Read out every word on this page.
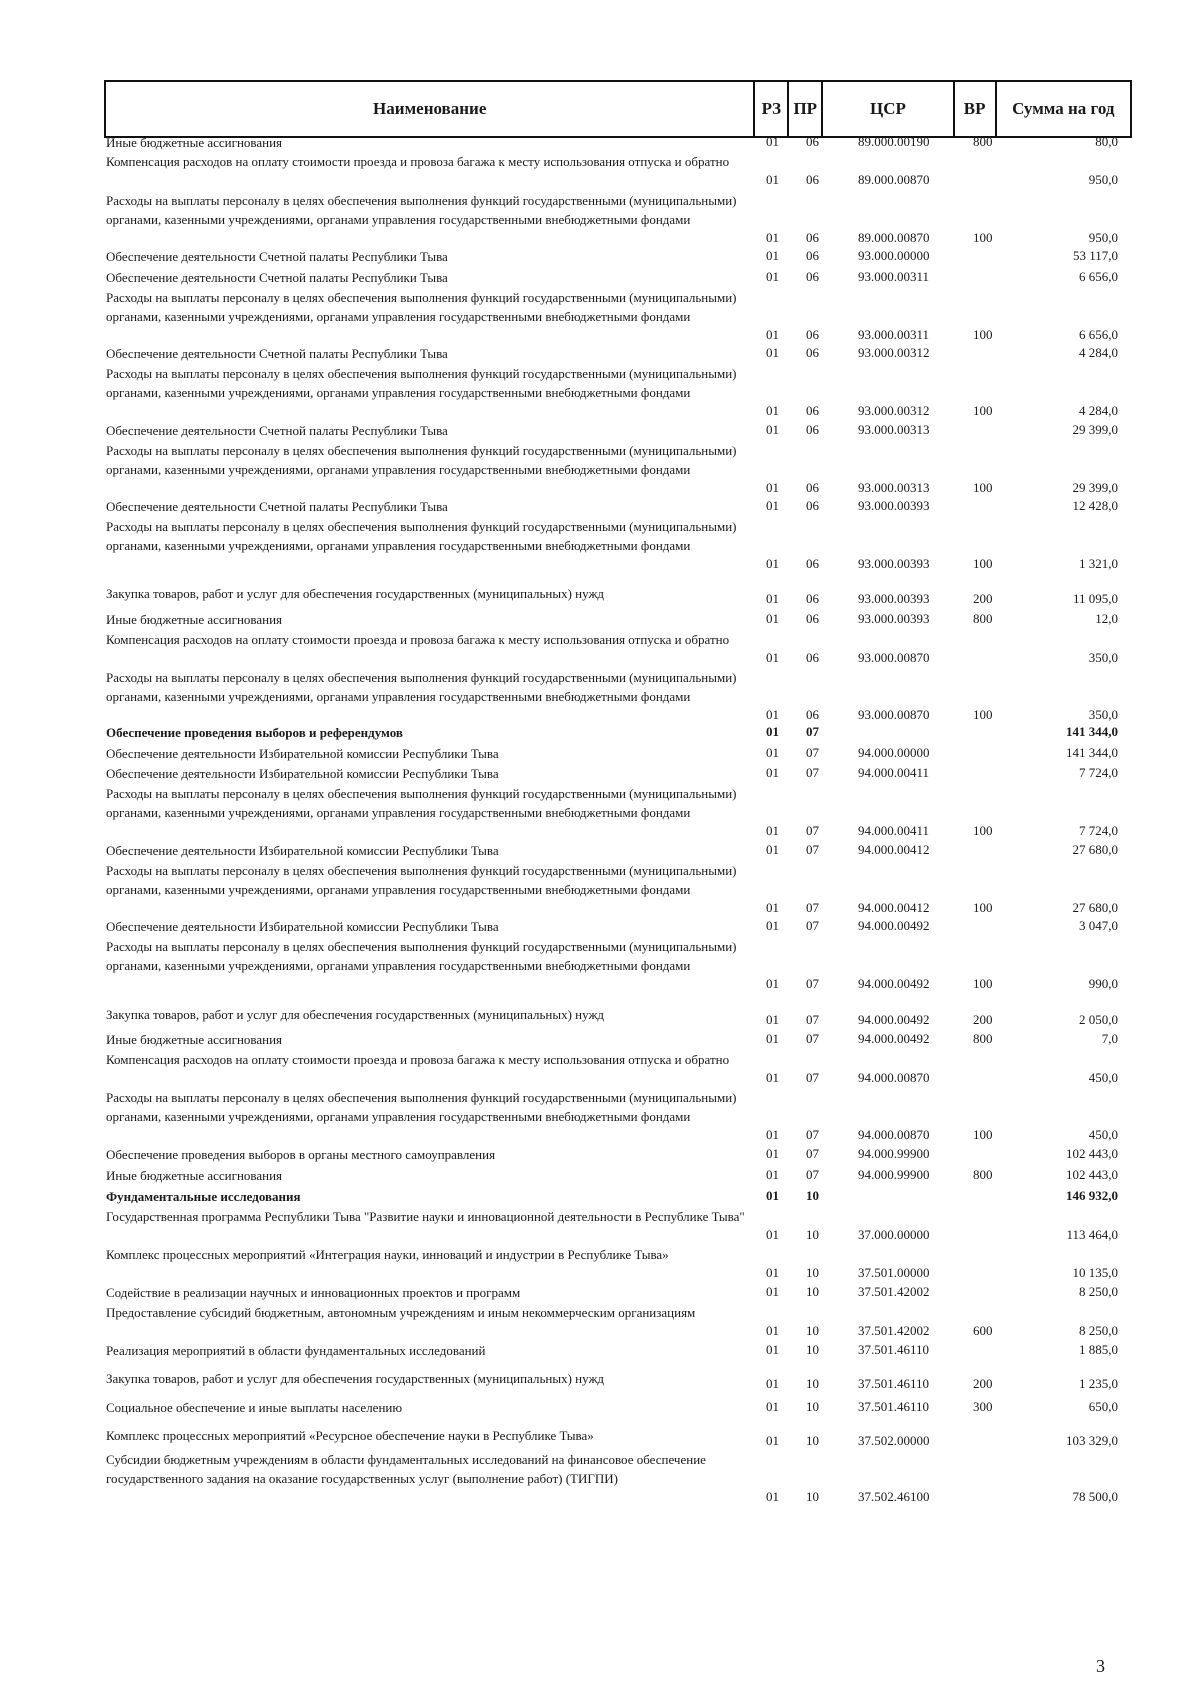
Наименование	РЗ ПР	ЦСР	ВР	Сумма на год
Иные бюджетные ассигнования	01 06	89.000.00190	800	80,0
Компенсация расходов на оплату стоимости проезда и провоза багажа к месту использования отпуска и обратно
01 06	89.000.00870	950,0
Расходы на выплаты персоналу в целях обеспечения выполнения функций государственными (муниципальными) органами, казенными учреждениями, органами управления государственными внебюджетными фондами
01 06	89.000.00870	100	950,0
Обеспечение деятельности Счетной палаты Республики Тыва	01 06	93.000.00000	53 117,0
Обеспечение деятельности Счетной палаты Республики Тыва	01 06	93.000.00311	6 656,0
Расходы на выплаты персоналу в целях обеспечения выполнения функций государственными (муниципальными) органами, казенными учреждениями, органами управления государственными внебюджетными фондами
01 06	93.000.00311	100	6 656,0
Обеспечение деятельности Счетной палаты Республики Тыва	01 06	93.000.00312	4 284,0
Расходы на выплаты персоналу в целях обеспечения выполнения функций государственными (муниципальными) органами, казенными учреждениями, органами управления государственными внебюджетными фондами
01 06	93.000.00312	100	4 284,0
Обеспечение деятельности Счетной палаты Республики Тыва	01 06	93.000.00313	29 399,0
Расходы на выплаты персоналу в целях обеспечения выполнения функций государственными (муниципальными) органами, казенными учреждениями, органами управления государственными внебюджетными фондами
01 06	93.000.00313	100	29 399,0
Обеспечение деятельности Счетной палаты Республики Тыва	01 06	93.000.00393	12 428,0
Расходы на выплаты персоналу в целях обеспечения выполнения функций государственными (муниципальными) органами, казенными учреждениями, органами управления государственными внебюджетными фондами
01 06	93.000.00393	100	1 321,0
Закупка товаров, работ и услуг для обеспечения государственных (муниципальных) нужд	01 06	93.000.00393	200	11 095,0
Иные бюджетные ассигнования	01 06	93.000.00393	800	12,0
Компенсация расходов на оплату стоимости проезда и провоза багажа к месту использования отпуска и обратно
01 06	93.000.00870	350,0
Расходы на выплаты персоналу в целях обеспечения выполнения функций государственными (муниципальными) органами, казенными учреждениями, органами управления государственными внебюджетными фондами
01 06	93.000.00870	100	350,0
Обеспечение проведения выборов и референдумов	01 07	141 344,0
Обеспечение деятельности Избирательной комиссии Республики Тыва	01 07	94.000.00000	141 344,0
Обеспечение деятельности Избирательной комиссии Республики Тыва	01 07	94.000.00411	7 724,0
Расходы на выплаты персоналу в целях обеспечения выполнения функций государственными (муниципальными) органами, казенными учреждениями, органами управления государственными внебюджетными фондами
01 07	94.000.00411	100	7 724,0
Обеспечение деятельности Избирательной комиссии Республики Тыва	01 07	94.000.00412	27 680,0
Расходы на выплаты персоналу в целях обеспечения выполнения функций государственными (муниципальными) органами, казенными учреждениями, органами управления государственными внебюджетными фондами
01 07	94.000.00412	100	27 680,0
Обеспечение деятельности Избирательной комиссии Республики Тыва	01 07	94.000.00492	3 047,0
Расходы на выплаты персоналу в целях обеспечения выполнения функций государственными (муниципальными) органами, казенными учреждениями, органами управления государственными внебюджетными фондами
01 07	94.000.00492	100	990,0
Закупка товаров, работ и услуг для обеспечения государственных (муниципальных) нужд	01 07	94.000.00492	200	2 050,0
Иные бюджетные ассигнования	01 07	94.000.00492	800	7,0
Компенсация расходов на оплату стоимости проезда и провоза багажа к месту использования отпуска и обратно
01 07	94.000.00870	450,0
Расходы на выплаты персоналу в целях обеспечения выполнения функций государственными (муниципальными) органами, казенными учреждениями, органами управления государственными внебюджетными фондами
01 07	94.000.00870	100	450,0
Обеспечение проведения выборов в органы местного самоуправления	01 07	94.000.99900	102 443,0
Иные бюджетные ассигнования	01 07	94.000.99900	800	102 443,0
Фундаментальные исследования	01 10	146 932,0
Государственная программа Республики Тыва "Развитие науки и инновационной деятельности в Республике Тыва"
01 10	37.000.00000	113 464,0
Комплекс процессных мероприятий «Интеграция науки, инноваций и индустрии в Республике Тыва»
01 10	37.501.00000	10 135,0
Содействие в реализации научных и инновационных проектов и программ	01 10	37.501.42002	8 250,0
Предоставление субсидий бюджетным, автономным учреждениям и иным некоммерческим организациям
01 10	37.501.42002	600	8 250,0
Реализация мероприятий в области фундаментальных исследований	01 10	37.501.46110	1 885,0
Закупка товаров, работ и услуг для обеспечения государственных (муниципальных) нужд	01 10	37.501.46110	200	1 235,0
Социальное обеспечение и иные выплаты населению	01 10	37.501.46110	300	650,0
Комплекс процессных мероприятий «Ресурсное обеспечение науки в Республике Тыва»	01 10	37.502.00000	103 329,0
Субсидии бюджетным учреждениям в области фундаментальных исследований на финансовое обеспечение государственного задания на оказание государственных услуг (выполнение работ) (ТИГПИ)
01 10	37.502.46100	78 500,0
3
